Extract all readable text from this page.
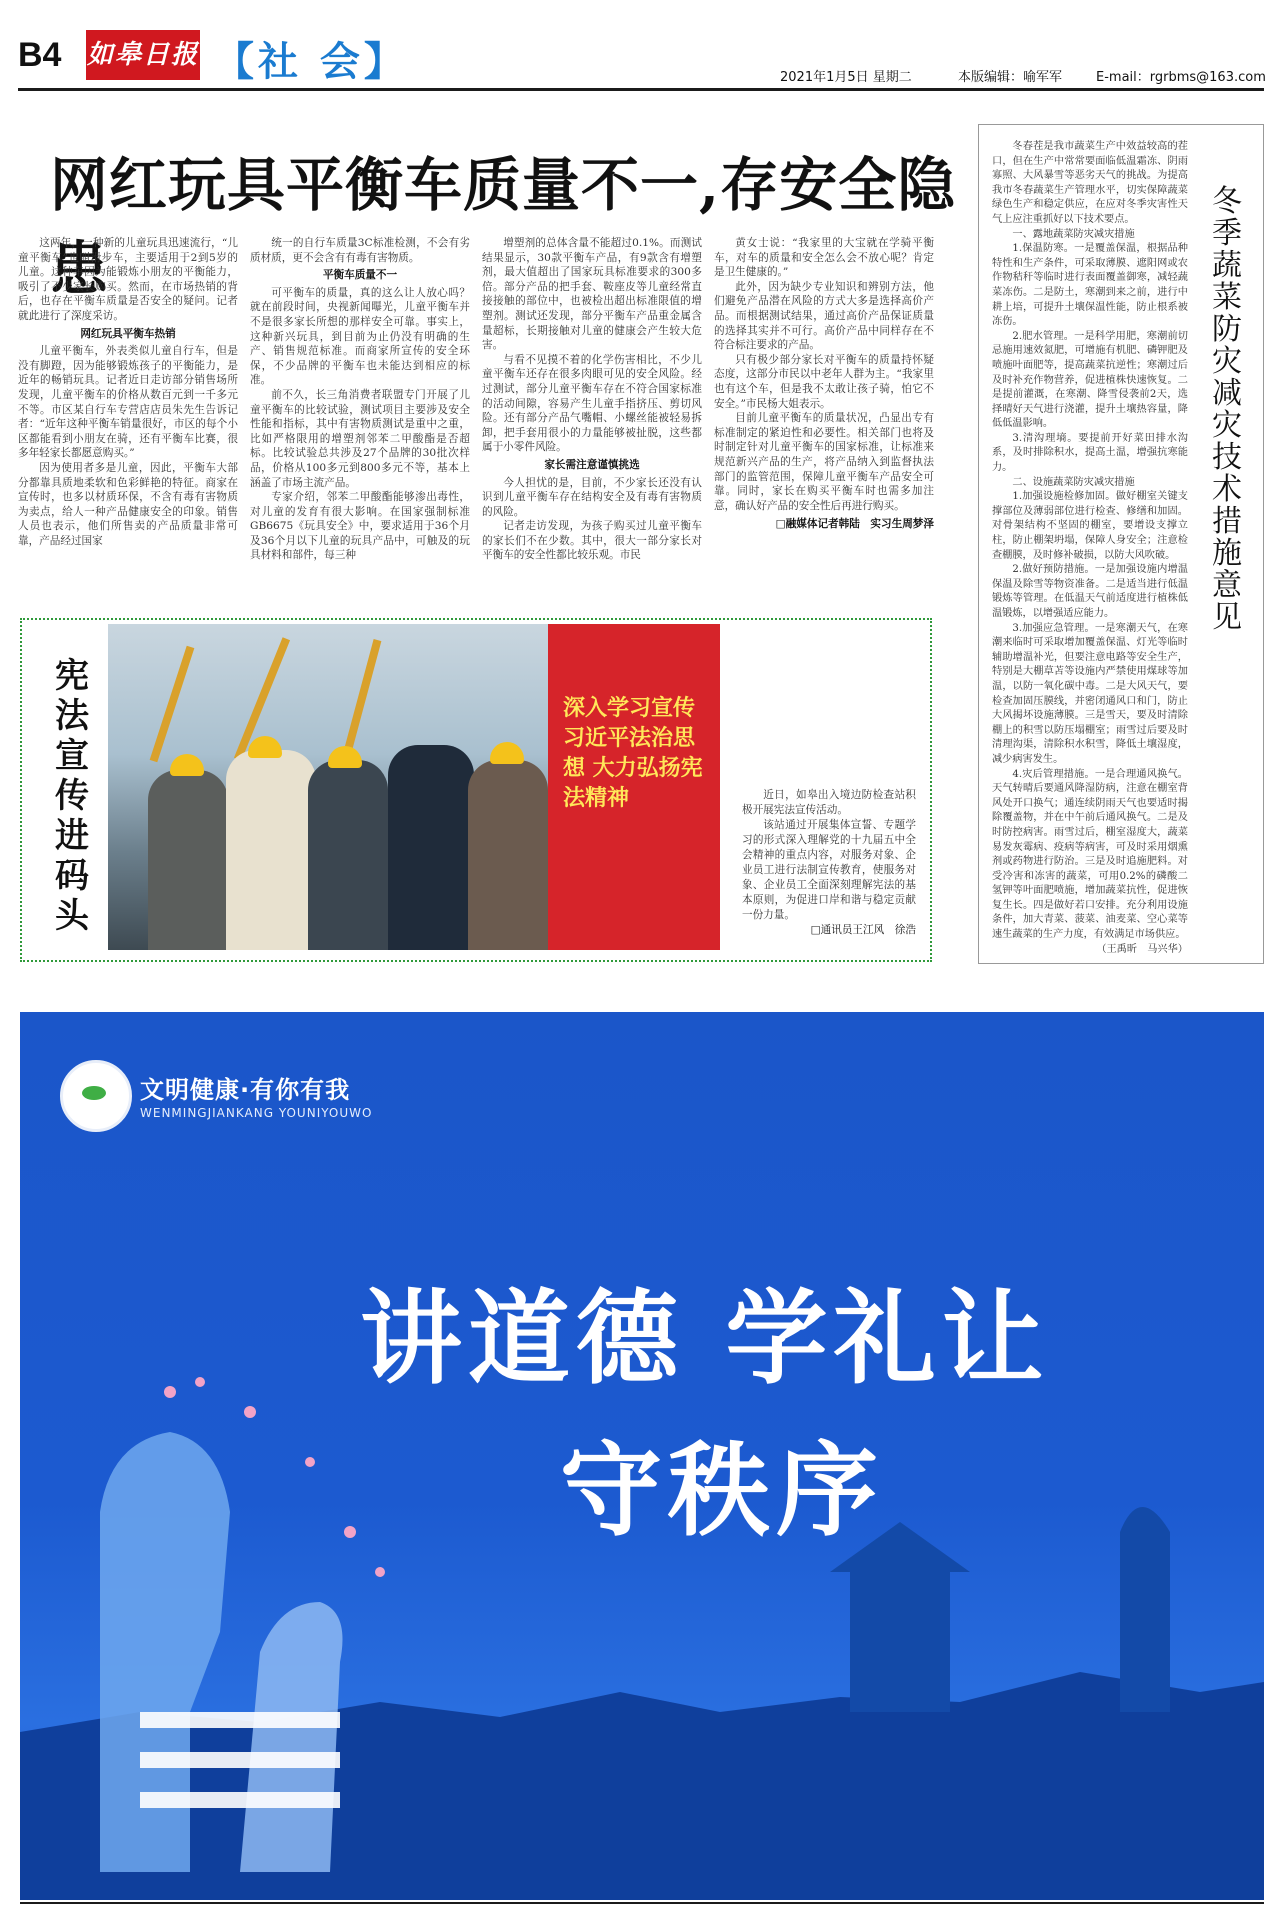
B4 如皋日报 【社 会】	2021年1月5日 星期二	本版编辑：喻军军	E-mail：rgrbms@163.com
网红玩具平衡车质量不一,存安全隐患

这两年，一种新的儿童玩具迅速流行，“儿童平衡车”也叫滑步车，主要适用于2到5岁的儿童。这种车因为能锻炼小朋友的平衡能力，吸引了不少家长购买。然而，在市场热销的背后，也存在平衡车质量是否安全的疑问。记者就此进行了深度采访。

网红玩具平衡车热销

儿童平衡车，外表类似儿童自行车，但是没有脚蹬，因为能够锻炼孩子的平衡能力，是近年的畅销玩具。记者近日走访部分销售场所发现，儿童平衡车的价格从数百元到一千多元不等。市区某自行车专营店店员朱先生告诉记者：“近年这种平衡车销量很好，市区的每个小区都能看到小朋友在骑，还有平衡车比赛，很多年轻家长都愿意购买。”

因为使用者多是儿童，因此，平衡车大部分都靠具质地柔软和色彩鲜艳的特征。商家在宣传时，也多以材质环保，不含有毒有害物质为卖点，给人一种产品健康安全的印象。销售人员也表示，他们所售卖的产品质量非常可靠，产品经过国家

统一的自行车质量3C标准检测，不会有劣质材质，更不会含有有毒有害物质。

平衡车质量不一

可平衡车的质量，真的这么让人放心吗？就在前段时间，央视新闻曝光，儿童平衡车并不是很多家长所想的那样安全可靠。事实上，这种新兴玩具，到目前为止仍没有明确的生产、销售规范标准。而商家所宣传的安全环保，不少品牌的平衡车也未能达到相应的标准。

前不久，长三角消费者联盟专门开展了儿童平衡车的比较试验，测试项目主要涉及安全性能和指标，其中有害物质测试是重中之重，比如严格限用的增塑剂邻苯二甲酸酯是否超标。比较试验总共涉及27个品牌的30批次样品，价格从100多元到800多元不等，基本上涵盖了市场主流产品。

专家介绍，邻苯二甲酸酯能够渗出毒性，对儿童的发育有很大影响。在国家强制标准GB6675《玩具安全》中，要求适用于36个月及36个月以下儿童的玩具产品中，可触及的玩具材料和部件，每三种

增塑剂的总体含量不能超过0.1%。而测试结果显示，30款平衡车产品，有9款含有增塑剂，最大值超出了国家玩具标准要求的300多倍。部分产品的把手套、鞍座皮等儿童经常直接接触的部位中，也被检出超出标准限值的增塑剂。测试还发现，部分平衡车产品重金属含量超标，长期接触对儿童的健康会产生较大危害。

与看不见摸不着的化学伤害相比，不少儿童平衡车还存在很多肉眼可见的安全风险。经过测试，部分儿童平衡车存在不符合国家标准的活动间隙，容易产生儿童手指挤压、剪切风险。还有部分产品气嘴帽、小螺丝能被轻易拆卸，把手套用很小的力量能够被扯脱，这些都属于小零件风险。

家长需注意谨慎挑选

今人担忧的是，目前，不少家长还没有认识到儿童平衡车存在结构安全及有毒有害物质的风险。

记者走访发现，为孩子购买过儿童平衡车的家长们不在少数。其中，很大一部分家长对平衡车的安全性都比较乐观。市民

黄女士说：“我家里的大宝就在学骑平衡车，对车的质量和安全怎么会不放心呢？肯定是卫生健康的。”

此外，因为缺少专业知识和辨别方法，他们避免产品潜在风险的方式大多是选择高价产品。而根据测试结果，通过高价产品保证质量的选择其实并不可行。高价产品中同样存在不符合标注要求的产品。

只有极少部分家长对平衡车的质量持怀疑态度，这部分市民以中老年人群为主。“我家里也有这个车，但是我不太敢让孩子骑，怕它不安全。”市民杨大姐表示。

目前儿童平衡车的质量状况，凸显出专有标准制定的紧迫性和必要性。相关部门也将及时制定针对儿童平衡车的国家标准，让标准来规范新兴产品的生产，将产品纳入到监督执法部门的监管范围，保障儿童平衡车产品安全可靠。同时，家长在购买平衡车时也需多加注意，确认好产品的安全性后再进行购买。

□融媒体记者韩陆　实习生周梦泽
宪法宣传进码头
深入学习宣传习近平法治思想 大力弘扬宪法精神	近日，如皋出入境边防检查站积极开展宪法宣传活动。
该站通过开展集体宣誓、专题学习的形式深入理解党的十九届五中全会精神的重点内容，对服务对象、企业员工进行法制宣传教育，使服务对象、企业员工全面深刻理解宪法的基本原则，为促进口岸和谐与稳定贡献一份力量。
□通讯员王江风　徐浩

冬春茬是我市蔬菜生产中效益较高的茬口，但在生产中常常要面临低温霜冻、阴雨寡照、大风暴雪等恶劣天气的挑战。为提高我市冬春蔬菜生产管理水平，切实保障蔬菜绿色生产和稳定供应，在应对冬季灾害性天气上应注重抓好以下技术要点。

一、露地蔬菜防灾减灾措施

1.保温防寒。一是覆盖保温，根据品种特性和生产条件，可采取薄膜、遮阳网或农作物秸秆等临时进行表面覆盖御寒，减轻蔬菜冻伤。二是防土，寒潮到来之前，进行中耕上培，可提升土壤保温性能，防止根系被冻伤。

2.肥水管理。一是科学用肥，寒潮前切忌施用速效氮肥，可增施有机肥、磷钾肥及喷施叶面肥等，提高蔬菜抗逆性；寒潮过后及时补充作物营养，促进植株快速恢复。二是提前灌溉，在寒潮、降雪侵袭前2天，选择晴好天气进行浇灌，提升土壤热容量，降低低温影响。

3.清沟理墒。要提前开好菜田排水沟系，及时排除积水，提高土温，增强抗寒能力。

二、设施蔬菜防灾减灾措施

1.加强设施检修加固。做好棚室关键支撑部位及薄弱部位进行检查、修缮和加固。对骨架结构不坚固的棚室，要增设支撑立柱，防止棚架坍塌，保障人身安全；注意检查棚膜，及时修补破损，以防大风吹破。

2.做好预防措施。一是加强设施内增温保温及除雪等物资准备。二是适当进行低温锻炼等管理。在低温天气前适度进行植株低温锻炼，以增强适应能力。

3.加强应急管理。一是寒潮天气，在寒潮来临时可采取增加覆盖保温、灯光等临时辅助增温补光，但要注意电路等安全生产，特别是大棚草苫等设施内严禁使用煤球等加温，以防一氧化碳中毒。二是大风天气，要检查加固压膜线，并密闭通风口和门，防止大风揭坏设施薄膜。三是雪天，要及时清除棚上的积雪以防压塌棚室；雨雪过后要及时清理沟渠，清除积水积雪，降低土壤湿度，减少病害发生。

4.灾后管理措施。一是合理通风换气。天气转晴后要通风降湿防病，注意在棚室背风处开口换气；通连续阴雨天气也要适时揭除覆盖物，并在中午前后通风换气。二是及时防控病害。雨雪过后，棚室湿度大，蔬菜易发灰霉病、疫病等病害，可及时采用烟熏剂或药物进行防治。三是及时追施肥料。对受冷害和冻害的蔬菜，可用0.2%的磷酸二氢钾等叶面肥喷施，增加蔬菜抗性，促进恢复生长。四是做好若口安排。充分利用设施条件，加大青菜、菠菜、油麦菜、空心菜等速生蔬菜的生产力度，有效满足市场供应。

（王禹昕　马兴华）

冬季蔬菜防灾减灾技术措施意见
文明健康·有你有我
WENMINGJIANKANG YOUNIYOUWO
讲道德 学礼让
守秩序
